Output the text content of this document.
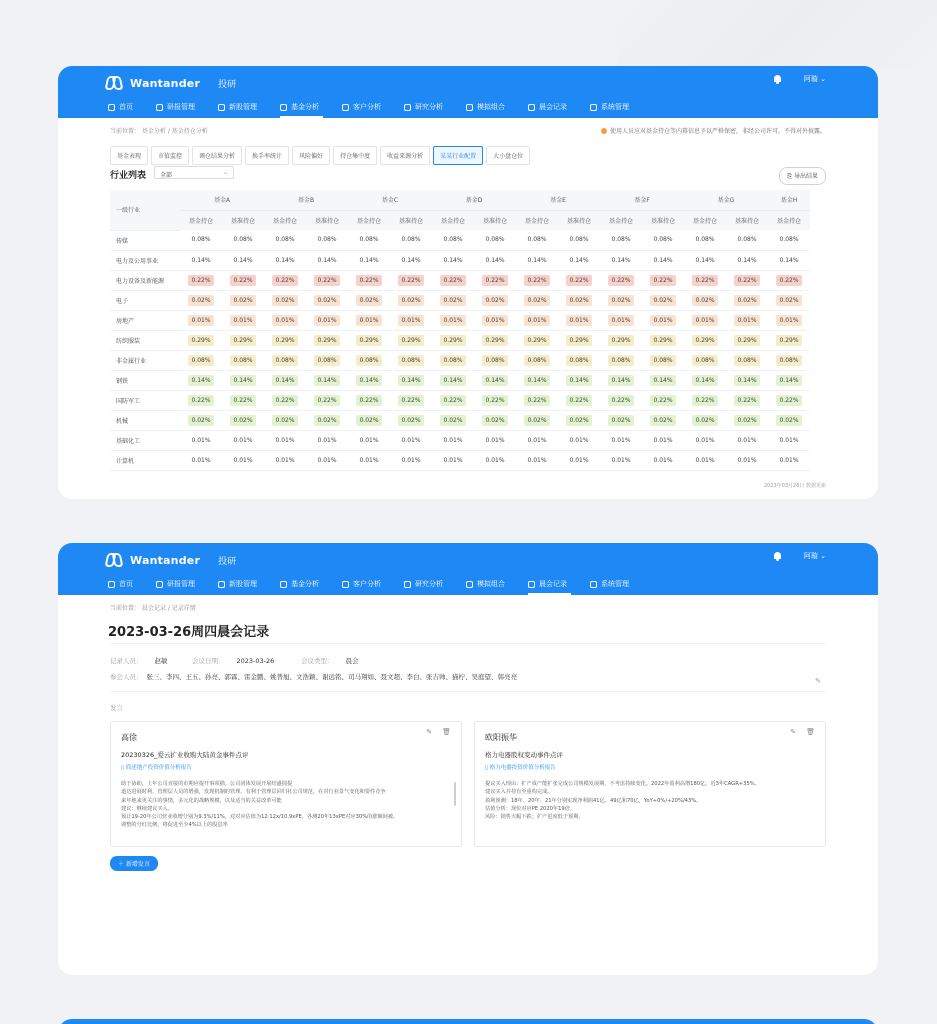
Wantander 投研
阿璇 ⌄
首页	研报管理	新股管理	基金分析	客户分析	研究分析	模拟组合	晨会记录	系统管理
当前位置： 基金分析 / 基金持仓分析	使用人员应对基金持仓等内幕信息予以严格保密，非经公司许可，不得对外披露。
基金表现	市值监控	调仓结果分析	换手率统计	风险偏好	持仓集中度	收益来源分析	某某行业配置	大小盘仓位
行业列表	全部	⌄
⎘ 导出结果
一级行业	基金A		基金B		基金C		基金D		基金E		基金F		基金G		基金H
	基金持仓	基准持仓	基金持仓	基准持仓	基金持仓	基准持仓	基金持仓	基准持仓	基金持仓	基准持仓	基金持仓	基准持仓	基金持仓	基准持仓	基金持仓
传媒	0.08%	0.08%	0.08%	0.08%	0.08%	0.08%	0.08%	0.08%	0.08%	0.08%	0.08%	0.08%	0.08%	0.08%	0.08%
电力及公用事业	0.14%	0.14%	0.14%	0.14%	0.14%	0.14%	0.14%	0.14%	0.14%	0.14%	0.14%	0.14%	0.14%	0.14%	0.14%
电力设备及新能源	0.22%	0.22%	0.22%	0.22%	0.22%	0.22%	0.22%	0.22%	0.22%	0.22%	0.22%	0.22%	0.22%	0.22%	0.22%
电子	0.02%	0.02%	0.02%	0.02%	0.02%	0.02%	0.02%	0.02%	0.02%	0.02%	0.02%	0.02%	0.02%	0.02%	0.02%
房地产	0.01%	0.01%	0.01%	0.01%	0.01%	0.01%	0.01%	0.01%	0.01%	0.01%	0.01%	0.01%	0.01%	0.01%	0.01%
纺织服装	0.29%	0.29%	0.29%	0.29%	0.29%	0.29%	0.29%	0.29%	0.29%	0.29%	0.29%	0.29%	0.29%	0.29%	0.29%
非金属行业	0.08%	0.08%	0.08%	0.08%	0.08%	0.08%	0.08%	0.08%	0.08%	0.08%	0.08%	0.08%	0.08%	0.08%	0.08%
钢铁	0.14%	0.14%	0.14%	0.14%	0.14%	0.14%	0.14%	0.14%	0.14%	0.14%	0.14%	0.14%	0.14%	0.14%	0.14%
国防军工	0.22%	0.22%	0.22%	0.22%	0.22%	0.22%	0.22%	0.22%	0.22%	0.22%	0.22%	0.22%	0.22%	0.22%	0.22%
机械	0.02%	0.02%	0.02%	0.02%	0.02%	0.02%	0.02%	0.02%	0.02%	0.02%	0.02%	0.02%	0.02%	0.02%	0.02%
基础化工	0.01%	0.01%	0.01%	0.01%	0.01%	0.01%	0.01%	0.01%	0.01%	0.01%	0.01%	0.01%	0.01%	0.01%	0.01%
计算机	0.01%	0.01%	0.01%	0.01%	0.01%	0.01%	0.01%	0.01%	0.01%	0.01%	0.01%	0.01%	0.01%	0.01%	0.01%
2023年03月26日 数据更新
Wantander 投研
阿璇 ⌄
首页	研报管理	新股管理	基金分析	客户分析	研究分析	模拟组合	晨会记录	系统管理
当前位置： 晨会记录 / 记录详情
2023-03-26周四晨会记录
记录人员： 赵敏	会议日期： 2023-03-26	会议类型： 晨会
参会人员： 张三、李四、王五、孙亮、郭霖、雷金鹏、姚普旭、文浩颖、谢远铭、司马翔如、聂文超、李白、张吉帅、猫柠、吴庭望、韩亮亮	✎
发言
高徐
✎ 🗑
20230326_爱云扩业收购大陆黄金事件点评
▯ 简述地产投资价值分析报告
助于协助，上年公司直接的市期应提开事项描。公司团体发展开展结盛圆提
道达进展时利、管理层人员的增强，发现机制的管理。有利于管理层回归社公司规范，在对行业景气变化和要件竞争
来年地来更关注的事情，多元化的战略规模，以及适当的关益改革可能
建议：继续建议买入。
预计19-20年公司营业收增分别为9.3%/11%，对对应估值为12.12x/10.9xPE，各测20年13xPE对应30%的涨额间被。
调整的分红比例，将促进至少4%以上的股息率
欧阳振华
✎ 🗑
格力电器股权变动事件点评
▯ 格力电器投资价值分析报告
提议买入理由：扩产成产能扩张完成公司规模发展期，不考虑持续变化。2022年盈利高增180亿，近3年CAGR+35%。
建议买入并持有至重构完成。
盈利预测：18年、20年、21年分别实现净利润41亿、49亿和70亿，YoY+0%/+20%/43%。
估值分析：现价对应PE 2020年19倍。
风险：销售大幅下跌；扩产进度低于预期。
＋ 新增发言
